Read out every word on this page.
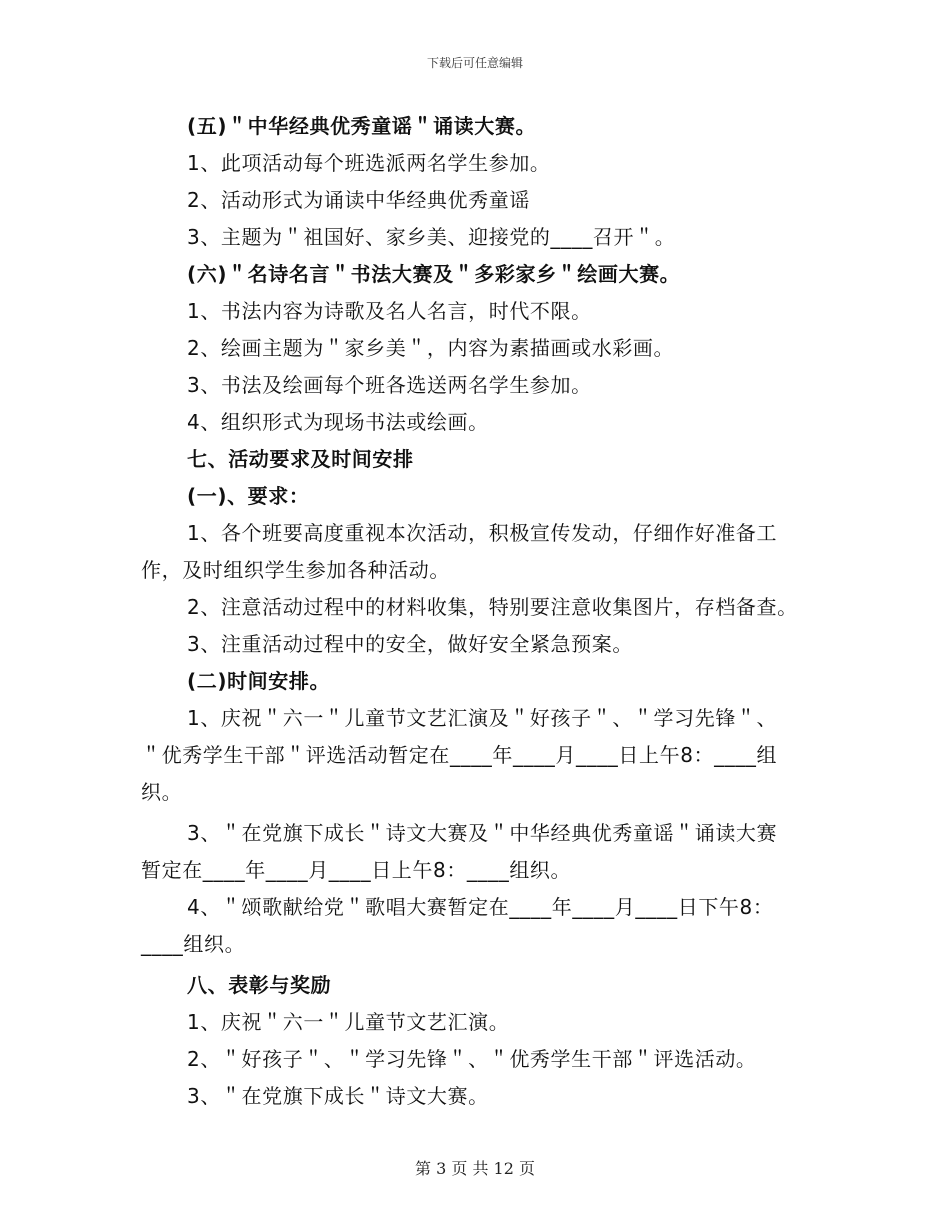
下载后可任意编辑
(五)＂中华经典优秀童谣＂诵读大赛。
1、此项活动每个班选派两名学生参加。
2、活动形式为诵读中华经典优秀童谣
3、主题为＂祖国好、家乡美、迎接党的____召开＂。
(六)＂名诗名言＂书法大赛及＂多彩家乡＂绘画大赛。
1、书法内容为诗歌及名人名言，时代不限。
2、绘画主题为＂家乡美＂，内容为素描画或水彩画。
3、书法及绘画每个班各选送两名学生参加。
4、组织形式为现场书法或绘画。
七、活动要求及时间安排
(一)、要求：
1、各个班要高度重视本次活动，积极宣传发动，仔细作好准备工
作，及时组织学生参加各种活动。
2、注意活动过程中的材料收集，特别要注意收集图片，存档备查。
3、注重活动过程中的安全，做好安全紧急预案。
(二)时间安排。
1、庆祝＂六一＂儿童节文艺汇演及＂好孩子＂、＂学习先锋＂、
＂优秀学生干部＂评选活动暂定在____年____月____日上午8：____组
织。
3、＂在党旗下成长＂诗文大赛及＂中华经典优秀童谣＂诵读大赛
暂定在____年____月____日上午8：____组织。
4、＂颂歌献给党＂歌唱大赛暂定在____年____月____日下午8：
____组织。
八、表彰与奖励
1、庆祝＂六一＂儿童节文艺汇演。
2、＂好孩子＂、＂学习先锋＂、＂优秀学生干部＂评选活动。
3、＂在党旗下成长＂诗文大赛。
第 3 页 共 12 页
